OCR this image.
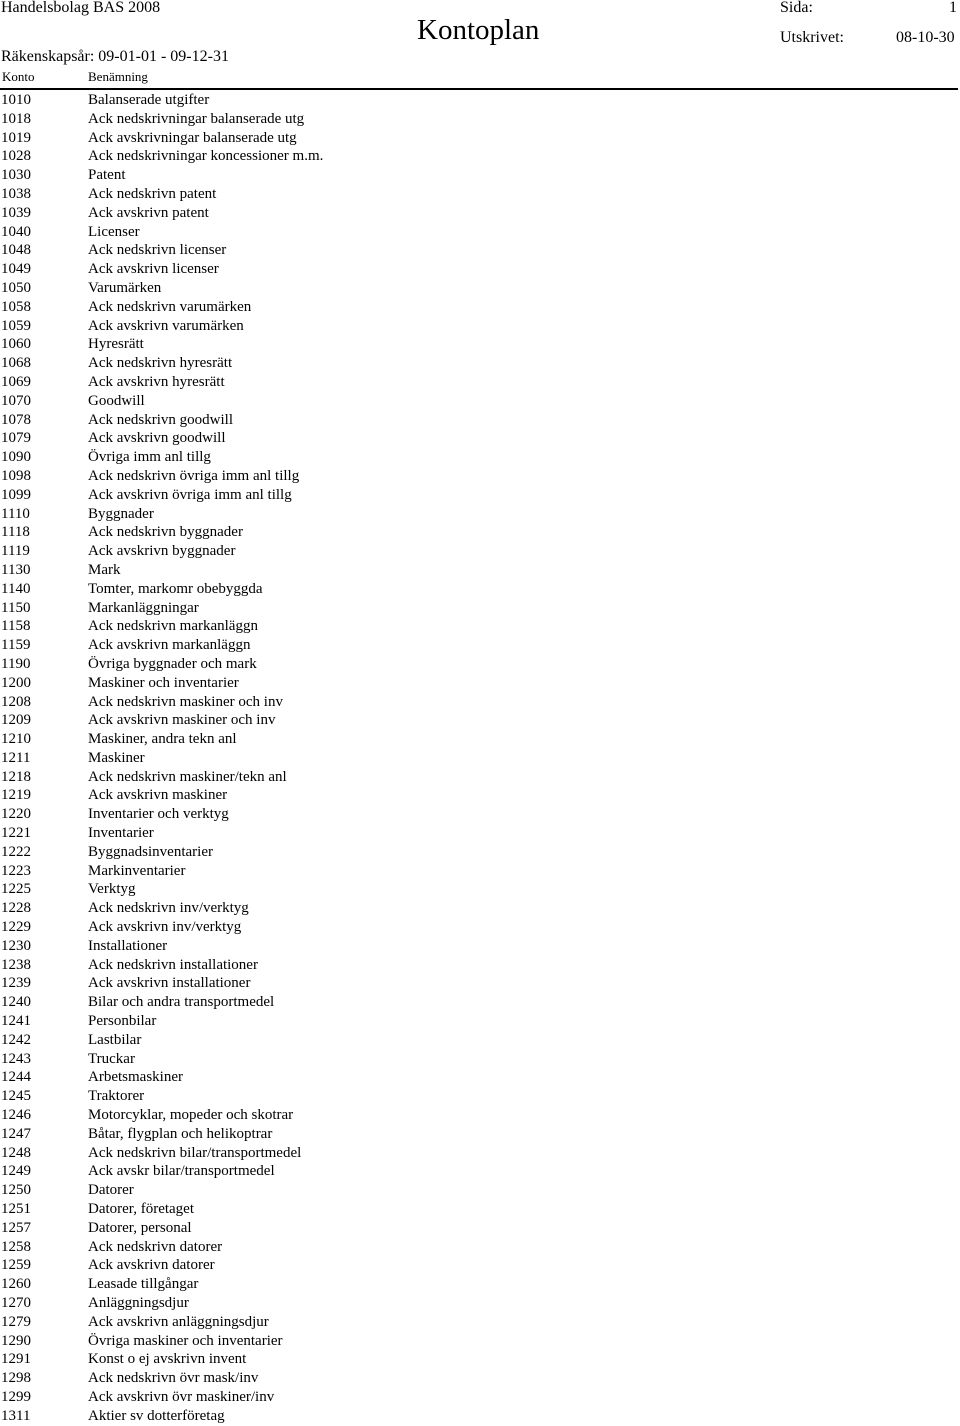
Handelsbolag BAS 2008
Kontoplan
Sida:	1
Räkenskapsår: 09-01-01 - 09-12-31
Utskrivet:	08-10-30
Konto	Benämning
1010	Balanserade utgifter
1018	Ack nedskrivningar balanserade utg
1019	Ack avskrivningar balanserade utg
1028	Ack nedskrivningar koncessioner m.m.
1030	Patent
1038	Ack nedskrivn patent
1039	Ack avskrivn patent
1040	Licenser
1048	Ack nedskrivn licenser
1049	Ack avskrivn licenser
1050	Varumärken
1058	Ack nedskrivn varumärken
1059	Ack avskrivn varumärken
1060	Hyresrätt
1068	Ack nedskrivn hyresrätt
1069	Ack avskrivn hyresrätt
1070	Goodwill
1078	Ack nedskrivn goodwill
1079	Ack avskrivn goodwill
1090	Övriga imm anl tillg
1098	Ack nedskrivn övriga imm anl tillg
1099	Ack avskrivn övriga imm anl tillg
1110	Byggnader
1118	Ack nedskrivn byggnader
1119	Ack avskrivn byggnader
1130	Mark
1140	Tomter, markomr obebyggda
1150	Markanläggningar
1158	Ack nedskrivn markanläggn
1159	Ack avskrivn markanläggn
1190	Övriga byggnader och mark
1200	Maskiner och inventarier
1208	Ack nedskrivn maskiner och inv
1209	Ack avskrivn maskiner och inv
1210	Maskiner, andra tekn anl
1211	Maskiner
1218	Ack nedskrivn maskiner/tekn anl
1219	Ack avskrivn maskiner
1220	Inventarier och verktyg
1221	Inventarier
1222	Byggnadsinventarier
1223	Markinventarier
1225	Verktyg
1228	Ack nedskrivn inv/verktyg
1229	Ack avskrivn inv/verktyg
1230	Installationer
1238	Ack nedskrivn installationer
1239	Ack avskrivn installationer
1240	Bilar och andra transportmedel
1241	Personbilar
1242	Lastbilar
1243	Truckar
1244	Arbetsmaskiner
1245	Traktorer
1246	Motorcyklar, mopeder och skotrar
1247	Båtar, flygplan och helikoptrar
1248	Ack nedskrivn bilar/transportmedel
1249	Ack avskr bilar/transportmedel
1250	Datorer
1251	Datorer, företaget
1257	Datorer, personal
1258	Ack nedskrivn datorer
1259	Ack avskrivn datorer
1260	Leasade tillgångar
1270	Anläggningsdjur
1279	Ack avskrivn anläggningsdjur
1290	Övriga maskiner och inventarier
1291	Konst o ej avskrivn invent
1298	Ack nedskrivn övr mask/inv
1299	Ack avskrivn övr maskiner/inv
1311	Aktier sv dotterföretag
